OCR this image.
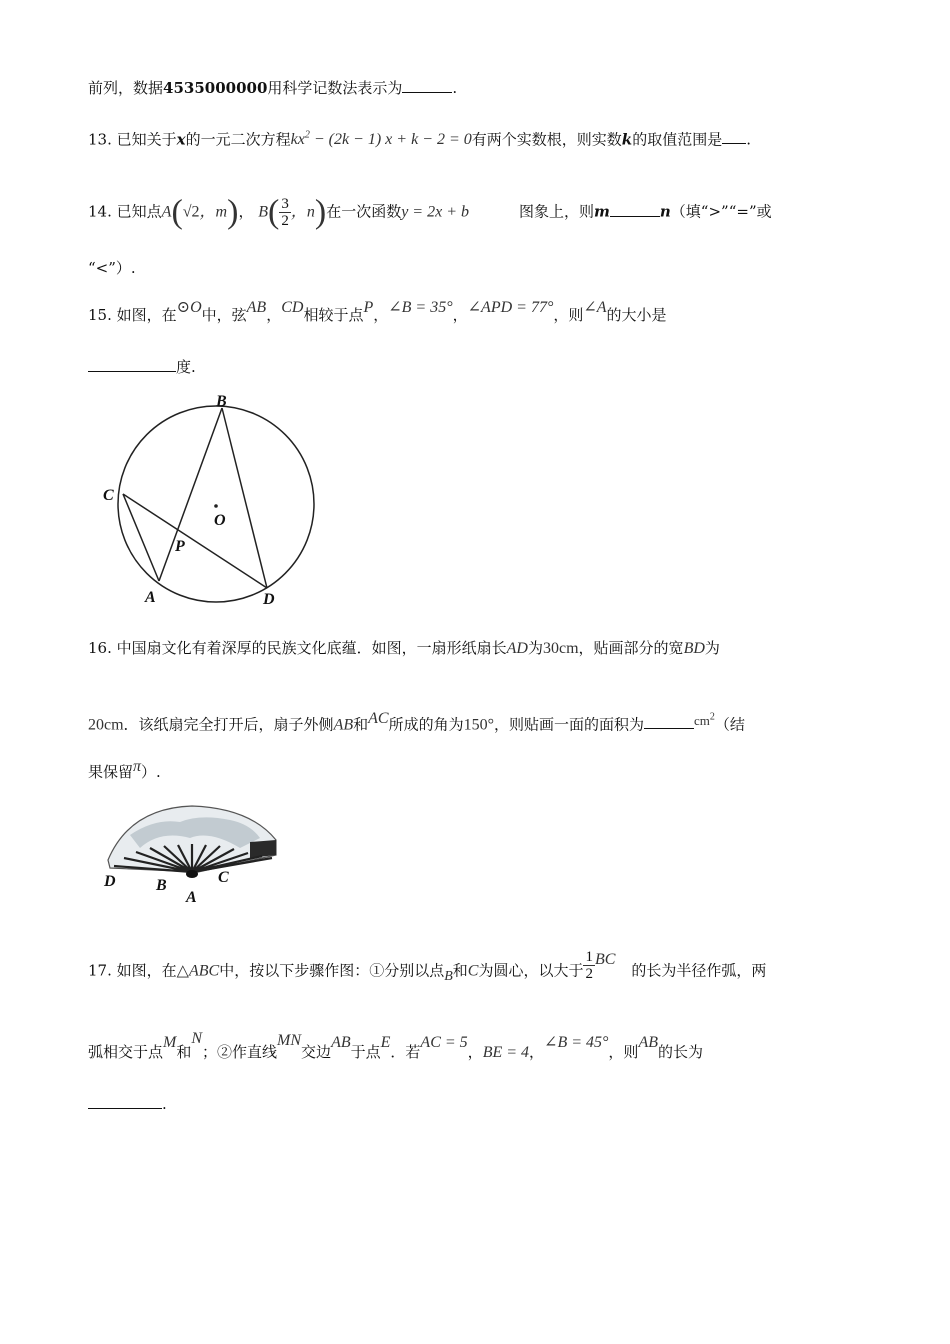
前列，数据4535000000用科学记数法表示为	.
13. 已知关于x的一元二次方程$kx^2 - (2k - 1) x + k - 2 = 0$有两个实数根，则实数k的取值范围是 .
14. 已知点A(√2，m)， $B( \frac{3}{2}$ ，n)在一次函数y = 2x + b	图象上，则m	n（填“>”“=”或
“<”）.
15. 如图，在⊙O中，弦AB，CD相较于点P，∠B = 35°，∠APD = 77°，则∠A的大小是
度.
B
C
O
P
A	D
16. 中国扇文化有着深厚的民族文化底蕴．如图，一扇形纸扇长AD为30cm，贴画部分的宽BD为
20cm．该纸扇完全打开后，扇子外侧AB和AC所成的角为150°，则贴画一面的面积为	$cm^2$（结
果保留π）.
D	B	C
A
17. 如图，在△ABC中，按以下步骤作图：①分别以点B和C为圆心，以大于 $\frac{1}{2}$ BC的长为半径作弧，两
弧相交于点M和N；②作直线MN交边AB于点E．若AC = 5，BE = 4，∠B = 45°，则AB的长为
.
